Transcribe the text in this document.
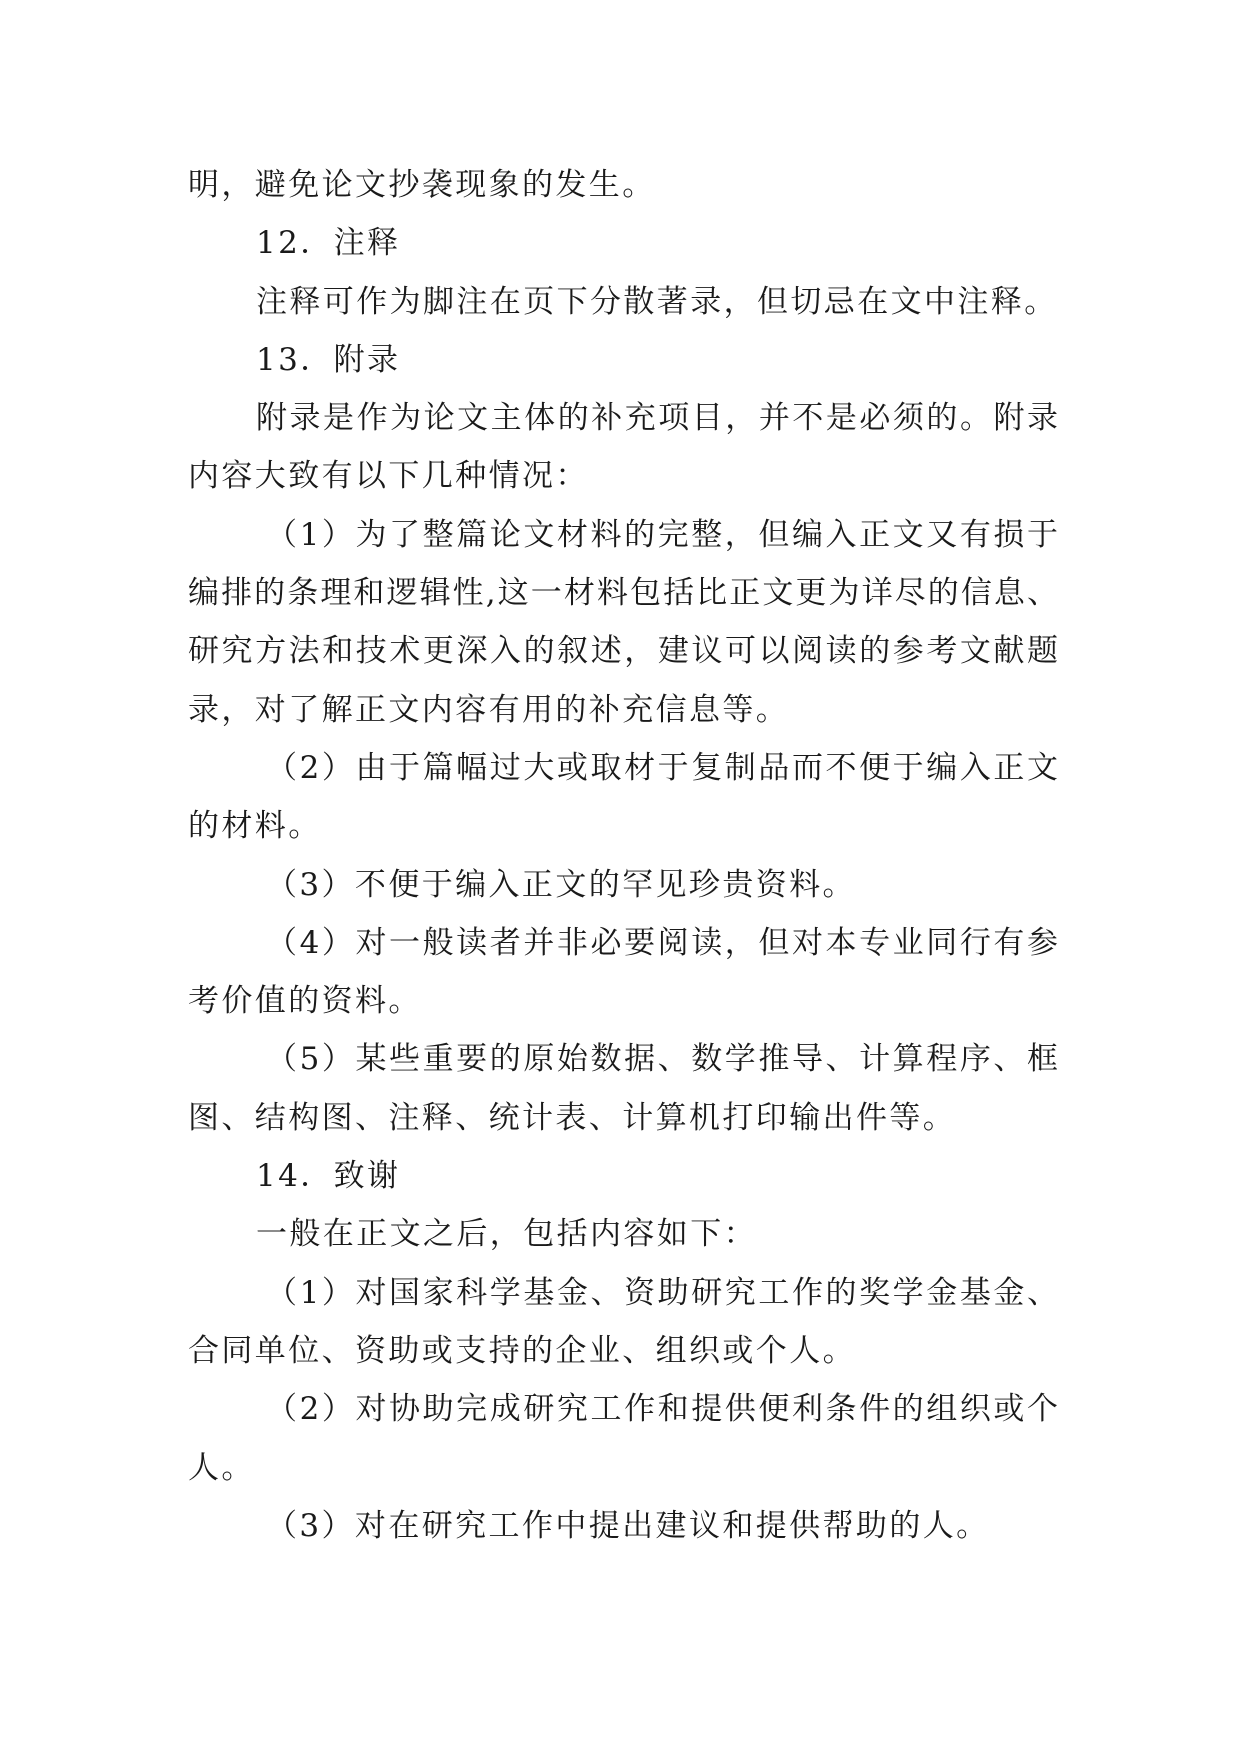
明，避免论文抄袭现象的发生。
12．注释
注释可作为脚注在页下分散著录，但切忌在文中注释。
13．附录
附录是作为论文主体的补充项目，并不是必须的。附录
内容大致有以下几种情况：
（1）为了整篇论文材料的完整，但编入正文又有损于
编排的条理和逻辑性,这一材料包括比正文更为详尽的信息、
研究方法和技术更深入的叙述，建议可以阅读的参考文献题
录，对了解正文内容有用的补充信息等。
（2）由于篇幅过大或取材于复制品而不便于编入正文
的材料。
（3）不便于编入正文的罕见珍贵资料。
（4）对一般读者并非必要阅读，但对本专业同行有参
考价值的资料。
（5）某些重要的原始数据、数学推导、计算程序、框
图、结构图、注释、统计表、计算机打印输出件等。
14．致谢
一般在正文之后，包括内容如下：
（1）对国家科学基金、资助研究工作的奖学金基金、
合同单位、资助或支持的企业、组织或个人。
（2）对协助完成研究工作和提供便利条件的组织或个
人。
（3）对在研究工作中提出建议和提供帮助的人。
